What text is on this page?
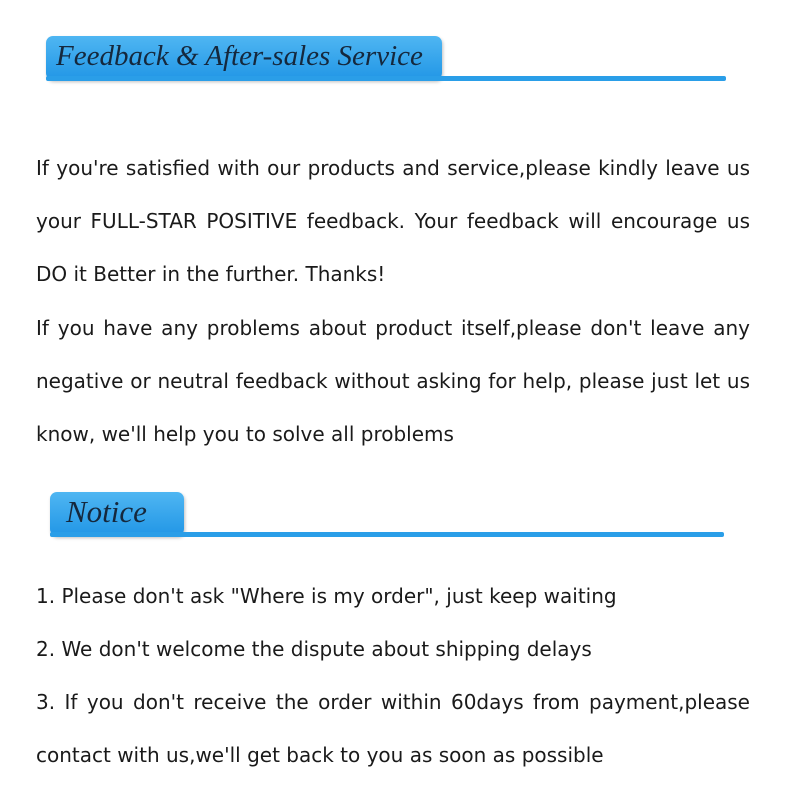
Feedback & After-sales Service

If you're satisfied with our products and service,please kindly leave us your FULL-STAR POSITIVE feedback. Your feedback will encourage us DO it Better in the further. Thanks!

If you have any problems about product itself,please don't leave any negative or neutral feedback without asking for help, please just let us know, we'll help you to solve all problems

Notice

1. Please don't ask "Where is my order", just keep waiting

2. We don't welcome the dispute about shipping delays

3. If you don't receive the order within 60days from payment,please contact with us,we'll get back to you as soon as possible
